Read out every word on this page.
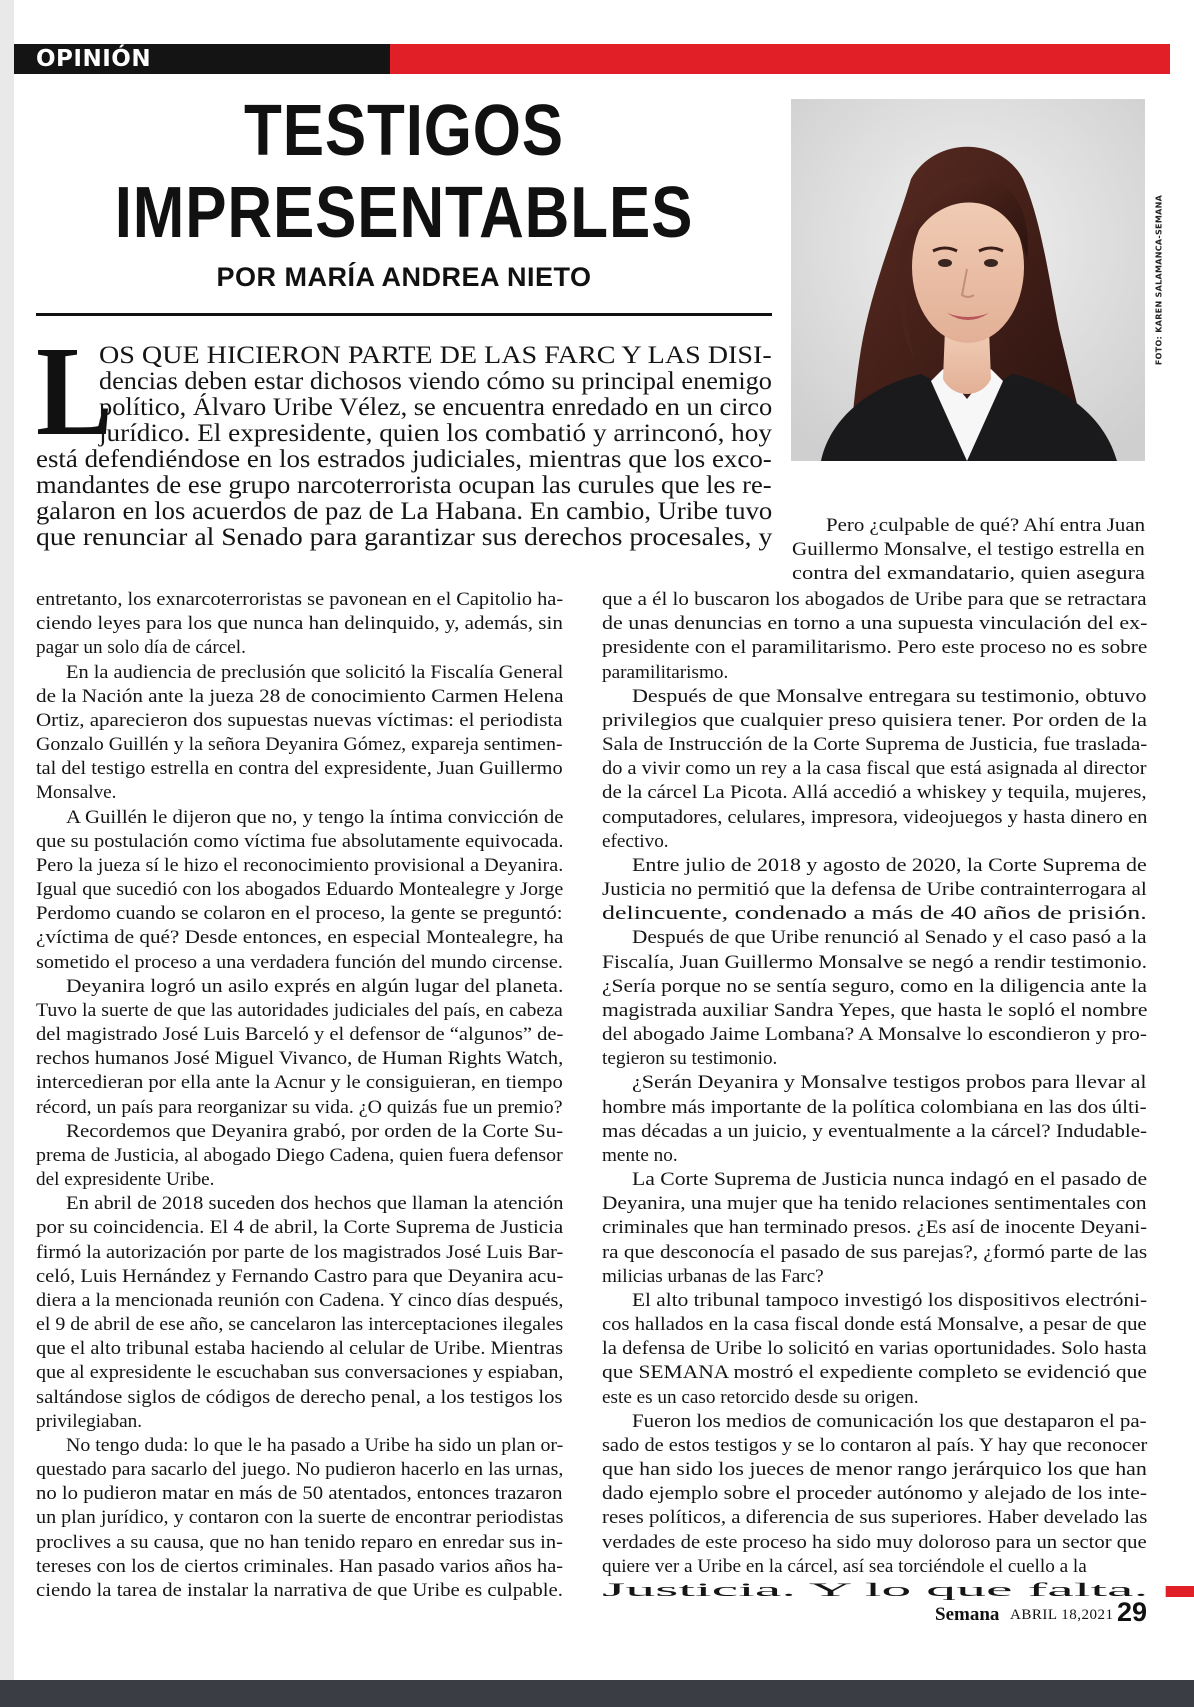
OPINIÓN
TESTIGOS
IMPRESENTABLES
POR MARÍA ANDREA NIETO	FOTO: KAREN SALAMANCA-SEMANA
L
OS QUE HICIERON PARTE DE LAS FARC Y LAS DISI-
dencias deben estar dichosos viendo cómo su principal enemigo
político, Álvaro Uribe Vélez, se encuentra enredado en un circo
jurídico. El expresidente, quien los combatió y arrinconó, hoy
está defendiéndose en los estrados judiciales, mientras que los exco-
mandantes de ese grupo narcoterrorista ocupan las curules que les re-
galaron en los acuerdos de paz de La Habana. En cambio, Uribe tuvo
que renunciar al Senado para garantizar sus derechos procesales, y	Pero ¿culpable de qué? Ahí entra Juan
Guillermo Monsalve, el testigo estrella en
contra del exmandatario, quien asegura
entretanto, los exnarcoterroristas se pavonean en el Capitolio ha-
ciendo leyes para los que nunca han delinquido, y, además, sin
pagar un solo día de cárcel.
En la audiencia de preclusión que solicitó la Fiscalía General
de la Nación ante la jueza 28 de conocimiento Carmen Helena
Ortiz, aparecieron dos supuestas nuevas víctimas: el periodista
Gonzalo Guillén y la señora Deyanira Gómez, expareja sentimen-
tal del testigo estrella en contra del expresidente, Juan Guillermo
Monsalve.
A Guillén le dijeron que no, y tengo la íntima convicción de
que su postulación como víctima fue absolutamente equivocada.
Pero la jueza sí le hizo el reconocimiento provisional a Deyanira.
Igual que sucedió con los abogados Eduardo Montealegre y Jorge
Perdomo cuando se colaron en el proceso, la gente se preguntó:
¿víctima de qué? Desde entonces, en especial Montealegre, ha
sometido el proceso a una verdadera función del mundo circense.
Deyanira logró un asilo exprés en algún lugar del planeta.
Tuvo la suerte de que las autoridades judiciales del país, en cabeza
del magistrado José Luis Barceló y el defensor de “algunos” de-
rechos humanos José Miguel Vivanco, de Human Rights Watch,
intercedieran por ella ante la Acnur y le consiguieran, en tiempo
récord, un país para reorganizar su vida. ¿O quizás fue un premio?
Recordemos que Deyanira grabó, por orden de la Corte Su-
prema de Justicia, al abogado Diego Cadena, quien fuera defensor
del expresidente Uribe.
En abril de 2018 suceden dos hechos que llaman la atención
por su coincidencia. El 4 de abril, la Corte Suprema de Justicia
firmó la autorización por parte de los magistrados José Luis Bar-
celó, Luis Hernández y Fernando Castro para que Deyanira acu-
diera a la mencionada reunión con Cadena. Y cinco días después,
el 9 de abril de ese año, se cancelaron las interceptaciones ilegales
que el alto tribunal estaba haciendo al celular de Uribe. Mientras
que al expresidente le escuchaban sus conversaciones y espiaban,
saltándose siglos de códigos de derecho penal, a los testigos los
privilegiaban.
No tengo duda: lo que le ha pasado a Uribe ha sido un plan or-
questado para sacarlo del juego. No pudieron hacerlo en las urnas,
no lo pudieron matar en más de 50 atentados, entonces trazaron
un plan jurídico, y contaron con la suerte de encontrar periodistas
proclives a su causa, que no han tenido reparo en enredar sus in-
tereses con los de ciertos criminales. Han pasado varios años ha-
ciendo la tarea de instalar la narrativa de que Uribe es culpable.
que a él lo buscaron los abogados de Uribe para que se retractara
de unas denuncias en torno a una supuesta vinculación del ex-
presidente con el paramilitarismo. Pero este proceso no es sobre
paramilitarismo.
Después de que Monsalve entregara su testimonio, obtuvo
privilegios que cualquier preso quisiera tener. Por orden de la
Sala de Instrucción de la Corte Suprema de Justicia, fue traslada-
do a vivir como un rey a la casa fiscal que está asignada al director
de la cárcel La Picota. Allá accedió a whiskey y tequila, mujeres,
computadores, celulares, impresora, videojuegos y hasta dinero en
efectivo.
Entre julio de 2018 y agosto de 2020, la Corte Suprema de
Justicia no permitió que la defensa de Uribe contrainterrogara al
delincuente, condenado a más de 40 años de prisión.
Después de que Uribe renunció al Senado y el caso pasó a la
Fiscalía, Juan Guillermo Monsalve se negó a rendir testimonio.
¿Sería porque no se sentía seguro, como en la diligencia ante la
magistrada auxiliar Sandra Yepes, que hasta le sopló el nombre
del abogado Jaime Lombana? A Monsalve lo escondieron y pro-
tegieron su testimonio.
¿Serán Deyanira y Monsalve testigos probos para llevar al
hombre más importante de la política colombiana en las dos últi-
mas décadas a un juicio, y eventualmente a la cárcel? Indudable-
mente no.
La Corte Suprema de Justicia nunca indagó en el pasado de
Deyanira, una mujer que ha tenido relaciones sentimentales con
criminales que han terminado presos. ¿Es así de inocente Deyani-
ra que desconocía el pasado de sus parejas?, ¿formó parte de las
milicias urbanas de las Farc?
El alto tribunal tampoco investigó los dispositivos electróni-
cos hallados en la casa fiscal donde está Monsalve, a pesar de que
la defensa de Uribe lo solicitó en varias oportunidades. Solo hasta
que SEMANA mostró el expediente completo se evidenció que
este es un caso retorcido desde su origen.
Fueron los medios de comunicación los que destaparon el pa-
sado de estos testigos y se lo contaron al país. Y hay que reconocer
que han sido los jueces de menor rango jerárquico los que han
dado ejemplo sobre el proceder autónomo y alejado de los inte-
reses políticos, a diferencia de sus superiores. Haber develado las
verdades de este proceso ha sido muy doloroso para un sector que
quiere ver a Uribe en la cárcel, así sea torciéndole el cuello a la
Justicia. Y lo que falta.
Semana ABRIL 18,2021 29
